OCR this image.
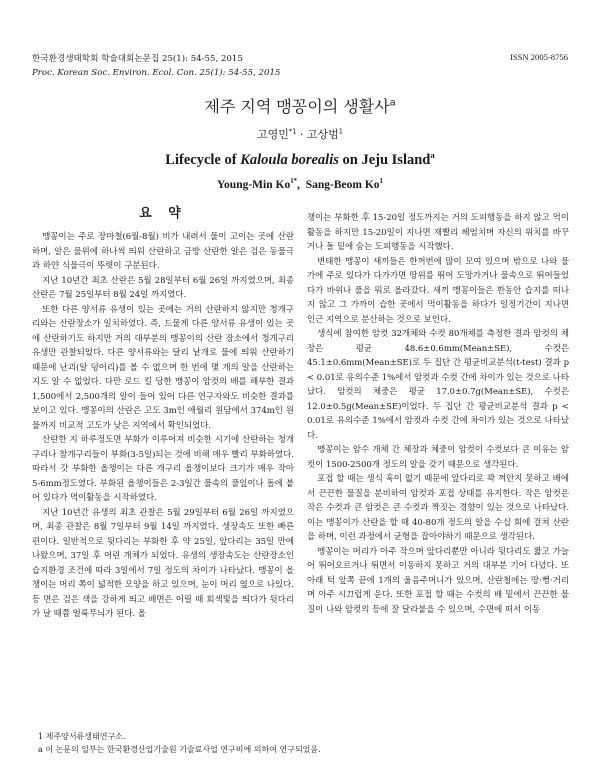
한국환경생태학회 학술대회논문집 25(1): 54-55, 2015
Proc. Korean Soc. Environ. Ecol. Con. 25(1): 54-55, 2015
ISSN 2005-8756
제주 지역 맹꽁이의 생활사$^a$
고영민$^{*1}$ · 고상범$^1$
Lifecycle of Kaloula borealis on Jeju Island$^a$
Young-Min $Ko^{1*}$,  Sang-Beom Ko$^1$
요 약

맹꽁이는 주로 장마철(6월-8월) 비가 내려서 물이 고이는 곳에 산란하며, 알은 물위에 하나씩 띄워 산란하고 금방 산란한 알은 검은 동물극과 하얀 식물극이 뚜렷이 구분된다.

지난 10년간 최초 산란은 5월 28일부터 6월 26일 까지였으며, 최종 산란은 7월 25일부터 8월 24일 까지였다.

또한 다른 양서류 유생이 있는 곳에는 거의 산란하지 않지만 청개구리와는 산란장소가 일치하였다. 즉, 드물게 다른 양서류 유생이 있는 곳에 산란하기도 하지만 거의 대부분의 맹꽁이의 산란 장소에서 청개구리 유생만 관찰되었다. 다른 양서류와는 달리 낱개로 물에 띄워 산란하기 때문에 난괴(알 덩어리)를 볼 수 없으며 한 번에 몇 개의 알을 산란하는지도 알 수 없었다. 다만 로드 킬 당한 맹꽁이 암컷의 배를 해부한 결과 1,500에서 2,500개의 알이 들어 있어 다른 연구자와도 비슷한 결과를 보이고 있다. 맹꽁이의 산란은 고도 3m인 애월리 원담에서 374m인 원물까지 비교적 고도가 낮은 지역에서 확인되었다.

산란한 지 하루정도면 부화가 이루어져 비슷한 시기에 산란하는 청개구리나 참개구리들이 부화(3-5일)되는 것에 비해 매우 빨리 부화하였다. 따라서 갓 부화한 올챙이는 다른 개구리 올챙이보다 크기가 매우 작아 5-6mm정도였다. 부화된 올챙이들은 2-3일간 물속의 풀잎이나 돌에 붙어 있다가 먹이활동을 시작하였다.

지난 10년간 유생의 최초 관찰은 5월 29일부터 6월 26일 까지였으며, 최종 관찰은 8월 7일부터 9월 14일 까지였다. 생장속도 또한 빠른 편이다. 일반적으로 뒷다리는 부화한 후 약 25일, 앞다리는 35일 만에 나왔으며, 37일 후 어린 개체가 되었다. 유생의 생장속도는 산란장소인 습지환경 조건에 따라 3일에서 7일 정도의 차이가 나타났다. 맹꽁이 올챙이는 머리 쪽이 넓적한 모양을 하고 있으며, 눈이 머리 옆으로 나있다. 등 면은 검은 색을 강하게 띄고 배면은 어릴 때 회색빛을 띄다가 뒷다리가 날 때쯤 얼룩무늬가 된다. 올

챙이는 부화한 후 15-20일 정도까지는 거의 도피행동을 하지 않고 먹이활동을 하지만 15-20일이 지나면 재빨리 헤엄치며 자신의 위치를 바꾸거나 돌 밑에 숨는 도피행동을 시작했다.

변태한 맹꽁이 새끼들은 한꺼번에 많이 모여 있으며 밖으로 나와 물가에 주로 있다가 다가가면 땅위를 뛰어 도망가거나 물속으로 뛰어들었다가 바위나 풀을 뭐로 올라갔다. 새끼 맹꽁이들은 한동안 습지를 떠나지 않고 그 가까이 습한 곳에서 먹이활동을 하다가 일정기간이 지나면 인근 지역으로 분산하는 것으로 보인다.

생식에 참여한 암컷 32개체와 수컷 80개체를 측정한 결과 암컷의 체장은 평균 48.6±0.6mm(Mean±SE), 수컷은 45.1±0.6mm(Mean±SE)로 두 집단 간 평균비교분석(t-test) 결과 p < 0.01로 유의수준 1%에서 암컷과 수컷 간에 차이가 있는 것으로 나타났다. 암컷의 체중은 평균 17.0±0.7g(Mean±SE), 수컷은 12.0±0.5g(Mean±SE)이었다. 두 집단 간 평균비교분석 결과 p < 0.01로 유의수준 1%에서 암컷과 수컷 간에 차이가 있는 것으로 나타났다.

맹꽁이는 암수 개체 간 체장과 체중이 암컷이 수컷보다 큰 이유는 암컷이 1500-2500개 정도의 알을 갖기 때문으로 생각된다.

포접 할 때는 생식 혹이 없기 때문에 앞다리로 꽉 껴안지 못하고 배에서 끈끈한 물질을 분비하여 암컷과 포접 상태를 유지한다. 작은 암컷은 작은 수컷과 큰 암컷은 큰 수컷과 짝짓는 경향이 있는 것으로 나타났다. 이는 맹꽁이가 산란을 할 때 40-80개 정도의 알을 수십 회에 걸쳐 산란을 하며, 이런 과정에서 균형을 잡아야하기 때문으로 생각된다.

맹꽁이는 머리가 아주 작으며 앞다리뿐만 아니라 뒷다리도 짧고 가늘어 뛰어오르거나 튀면서 이동하지 못하고 거의 대부분 기어 다녔다. 또 아래 턱 앞쪽 끝에 1개의 울음주머니가 있으며, 산란철에는 땅·뻥·거리며 아주 시끄럽게 운다. 또한 포접 할 때는 수컷의 배 밑에서 끈끈한 물질이 나와 암컷의 등에 잘 달라붙을 수 있으며, 수면에 떠서 이동

1 제주양서류생태연구소.
a 이 논문의 일부는 한국환경산업기술원 기술료사업 연구비에 의하여 연구되었음.
